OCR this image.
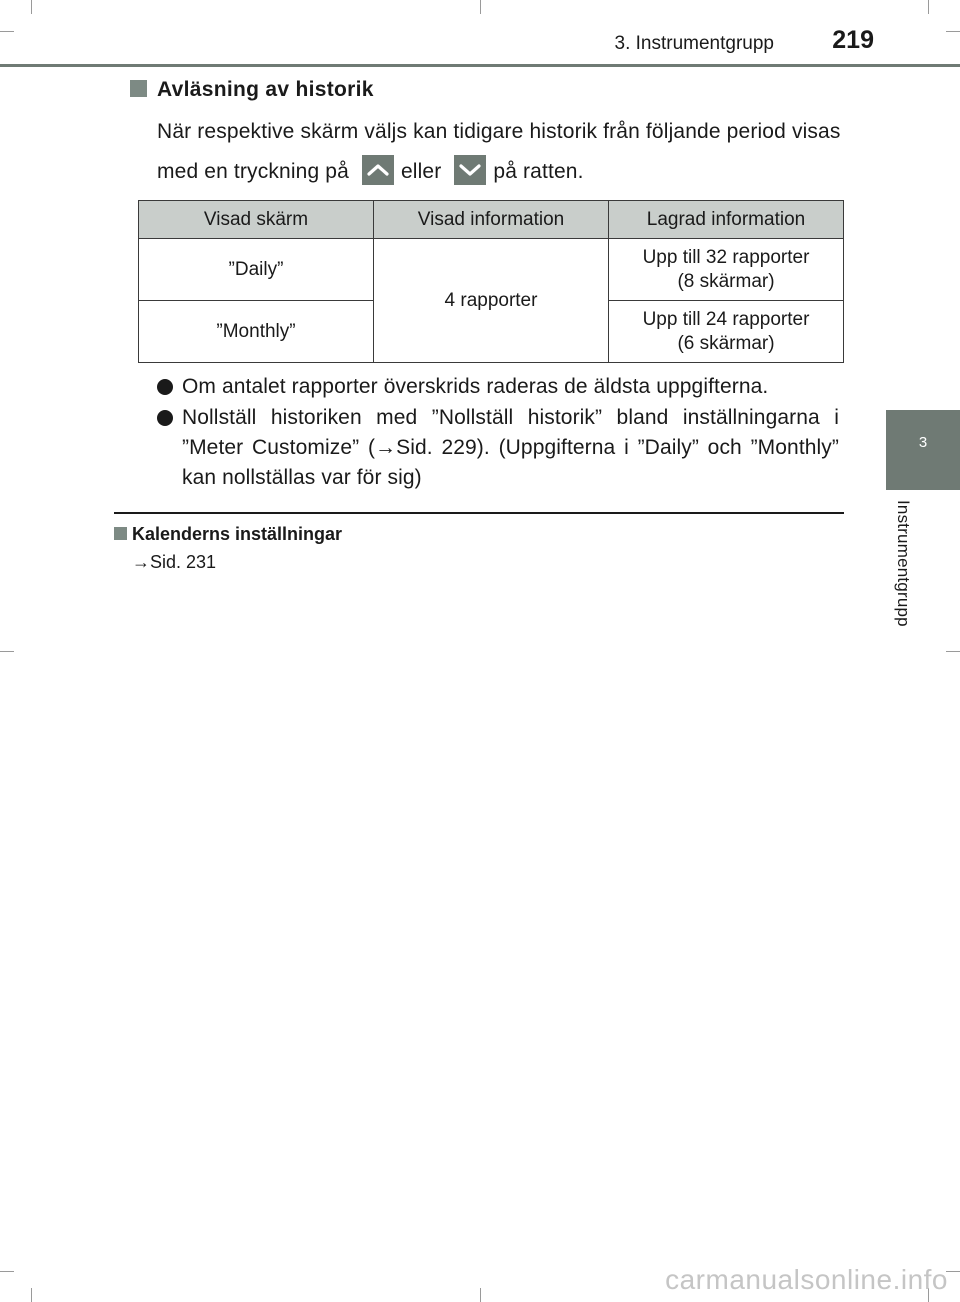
3. Instrumentgrupp 219
3
Instrumentgrupp
Avläsning av historik
När respektive skärm väljs kan tidigare historik från följande period visas med en tryckning på eller på ratten.
Visad skärm	Visad information	Lagrad information
”Daily”	4 rapporter	Upp till 32 rapporter
(8 skärmar)
”Monthly”		Upp till 24 rapporter
(6 skärmar)
Om antalet rapporter överskrids raderas de äldsta uppgifterna.
Nollställ historiken med ”Nollställ historik” bland inställningarna i ”Meter Customize” (→Sid. 229). (Uppgifterna i ”Daily” och ”Monthly” kan nollställas var för sig)
Kalenderns inställningar
→Sid. 231
carmanualsonline.info
